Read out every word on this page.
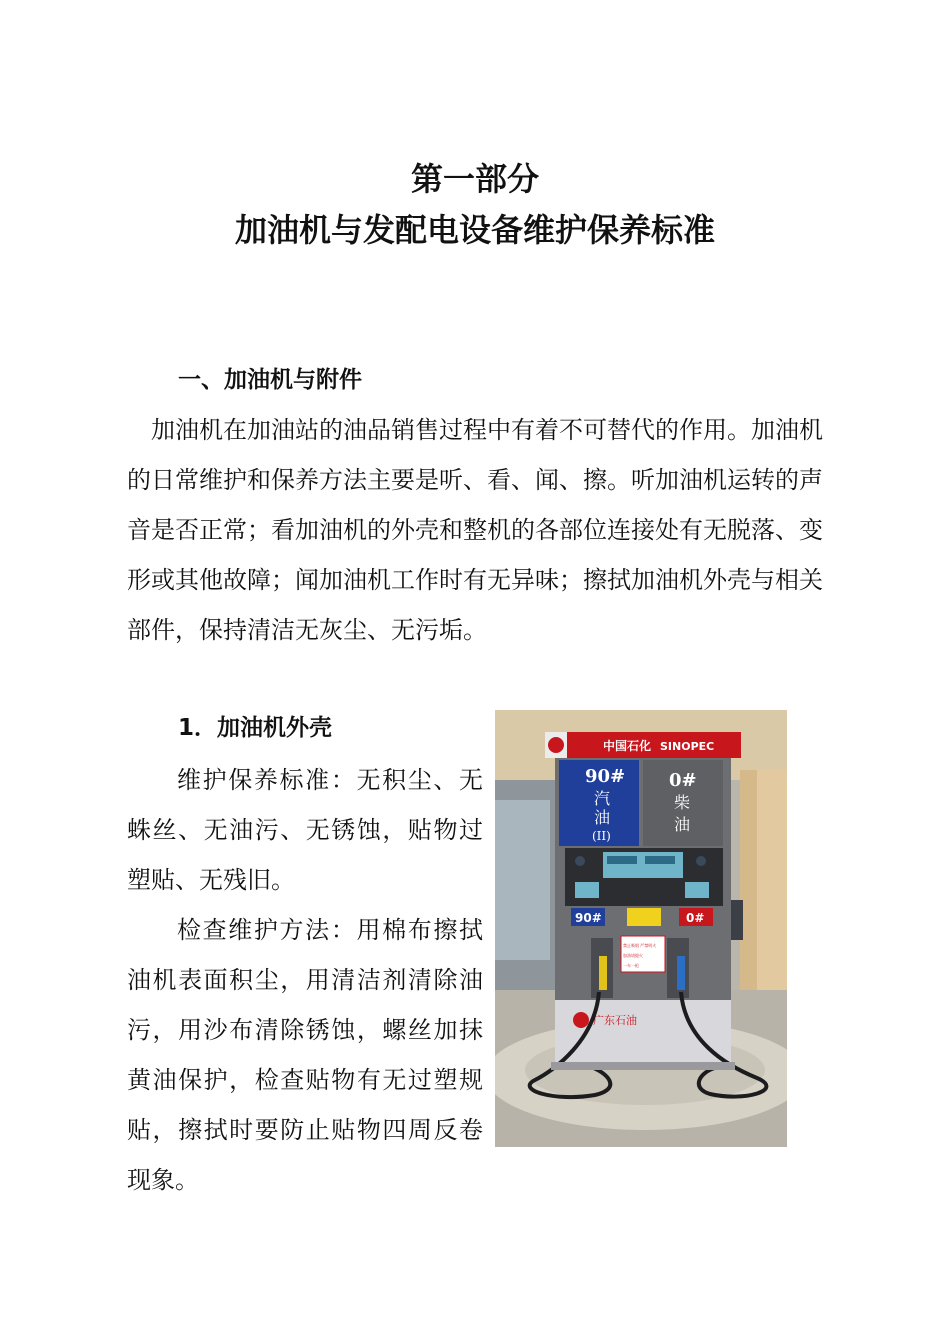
第一部分
加油机与发配电设备维护保养标准
一、加油机与附件

加油机在加油站的油品销售过程中有着不可替代的作用。加油机的日常维护和保养方法主要是听、看、闻、擦。听加油机运转的声音是否正常；看加油机的外壳和整机的各部位连接处有无脱落、变形或其他故障；闻加油机工作时有无异味；擦拭加油机外壳与相关部件，保持清洁无灰尘、无污垢。

1．加油机外壳

维护保养标准：无积尘、无蛛丝、无油污、无锈蚀，贴物过塑贴、无残旧。

检查维护方法：用棉布擦拭油机表面积尘，用清洁剂清除油污，用沙布清除锈蚀，螺丝加抹黄油保护，检查贴物有无过塑规贴，擦拭时要防止贴物四周反卷现象。

中国石化 SINOPEC
90#
汽
油
(II)
0#
柴
油
90#	0#
禁止吸烟 严禁明火
加油请熄火
一车一枪
广东石油
